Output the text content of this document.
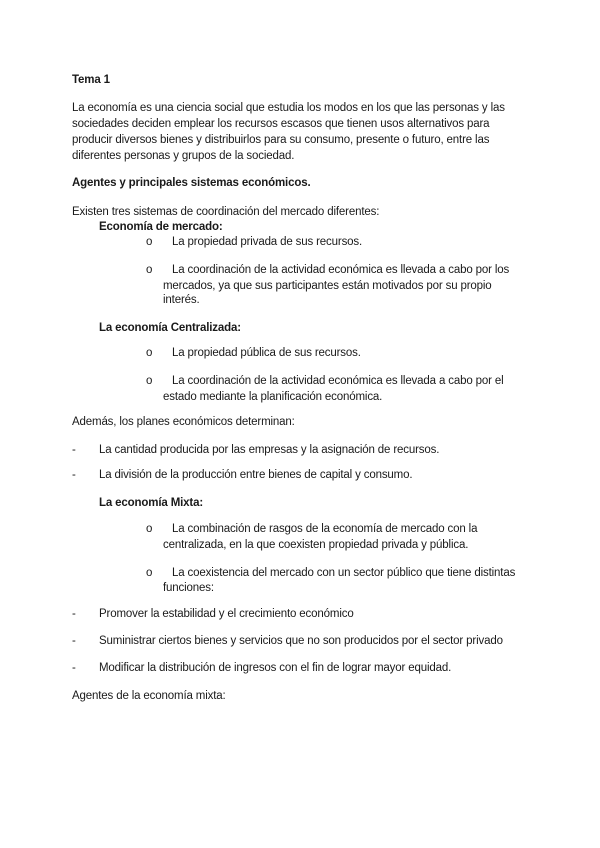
Tema 1
La economía es una ciencia social que estudia los modos en los que las personas y las
sociedades deciden emplear los recursos escasos que tienen usos alternativos para
producir diversos bienes y distribuirlos para su consumo, presente o futuro, entre las
diferentes personas y grupos de la sociedad.
Agentes y principales sistemas económicos.
Existen tres sistemas de coordinación del mercado diferentes:
Economía de mercado:
o	La propiedad privada de sus recursos.
o	La coordinación de la actividad económica es llevada a cabo por los
mercados, ya que sus participantes están motivados por su propio
interés.
La economía Centralizada:
o	La propiedad pública de sus recursos.
o	La coordinación de la actividad económica es llevada a cabo por el
estado mediante la planificación económica.
Además, los planes económicos determinan:
-	La cantidad producida por las empresas y la asignación de recursos.
-	La división de la producción entre bienes de capital y consumo.
La economía Mixta:
o	La combinación de rasgos de la economía de mercado con la
centralizada, en la que coexisten propiedad privada y pública.
o	La coexistencia del mercado con un sector público que tiene distintas
funciones:
-	Promover la estabilidad y el crecimiento económico
-	Suministrar ciertos bienes y servicios que no son producidos por el sector privado
-	Modificar la distribución de ingresos con el fin de lograr mayor equidad.
Agentes de la economía mixta:
